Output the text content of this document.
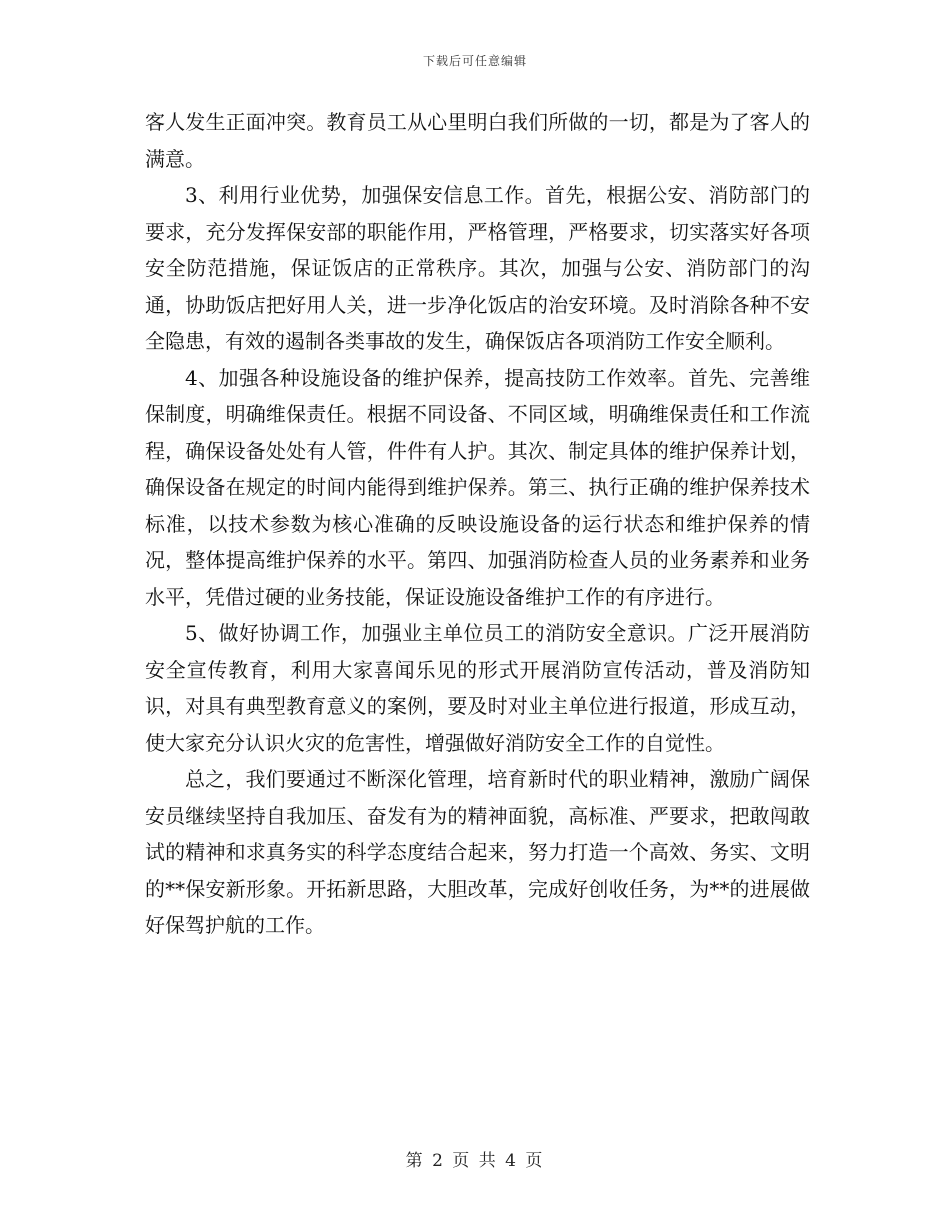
下载后可任意编辑

客人发生正面冲突。教育员工从心里明白我们所做的一切，都是为了客人的满意。

3、利用行业优势，加强保安信息工作。首先，根据公安、消防部门的要求，充分发挥保安部的职能作用，严格管理，严格要求，切实落实好各项安全防范措施，保证饭店的正常秩序。其次，加强与公安、消防部门的沟通，协助饭店把好用人关，进一步净化饭店的治安环境。及时消除各种不安全隐患，有效的遏制各类事故的发生，确保饭店各项消防工作安全顺利。

4、加强各种设施设备的维护保养，提高技防工作效率。首先、完善维保制度，明确维保责任。根据不同设备、不同区域，明确维保责任和工作流程，确保设备处处有人管，件件有人护。其次、制定具体的维护保养计划，确保设备在规定的时间内能得到维护保养。第三、执行正确的维护保养技术标准，以技术参数为核心准确的反映设施设备的运行状态和维护保养的情况，整体提高维护保养的水平。第四、加强消防检查人员的业务素养和业务水平，凭借过硬的业务技能，保证设施设备维护工作的有序进行。

5、做好协调工作，加强业主单位员工的消防安全意识。广泛开展消防安全宣传教育，利用大家喜闻乐见的形式开展消防宣传活动，普及消防知识，对具有典型教育意义的案例，要及时对业主单位进行报道，形成互动，使大家充分认识火灾的危害性，增强做好消防安全工作的自觉性。

总之，我们要通过不断深化管理，培育新时代的职业精神，激励广阔保安员继续坚持自我加压、奋发有为的精神面貌，高标准、严要求，把敢闯敢试的精神和求真务实的科学态度结合起来，努力打造一个高效、务实、文明的**保安新形象。开拓新思路，大胆改革，完成好创收任务，为**的进展做好保驾护航的工作。

第 2 页 共 4 页
